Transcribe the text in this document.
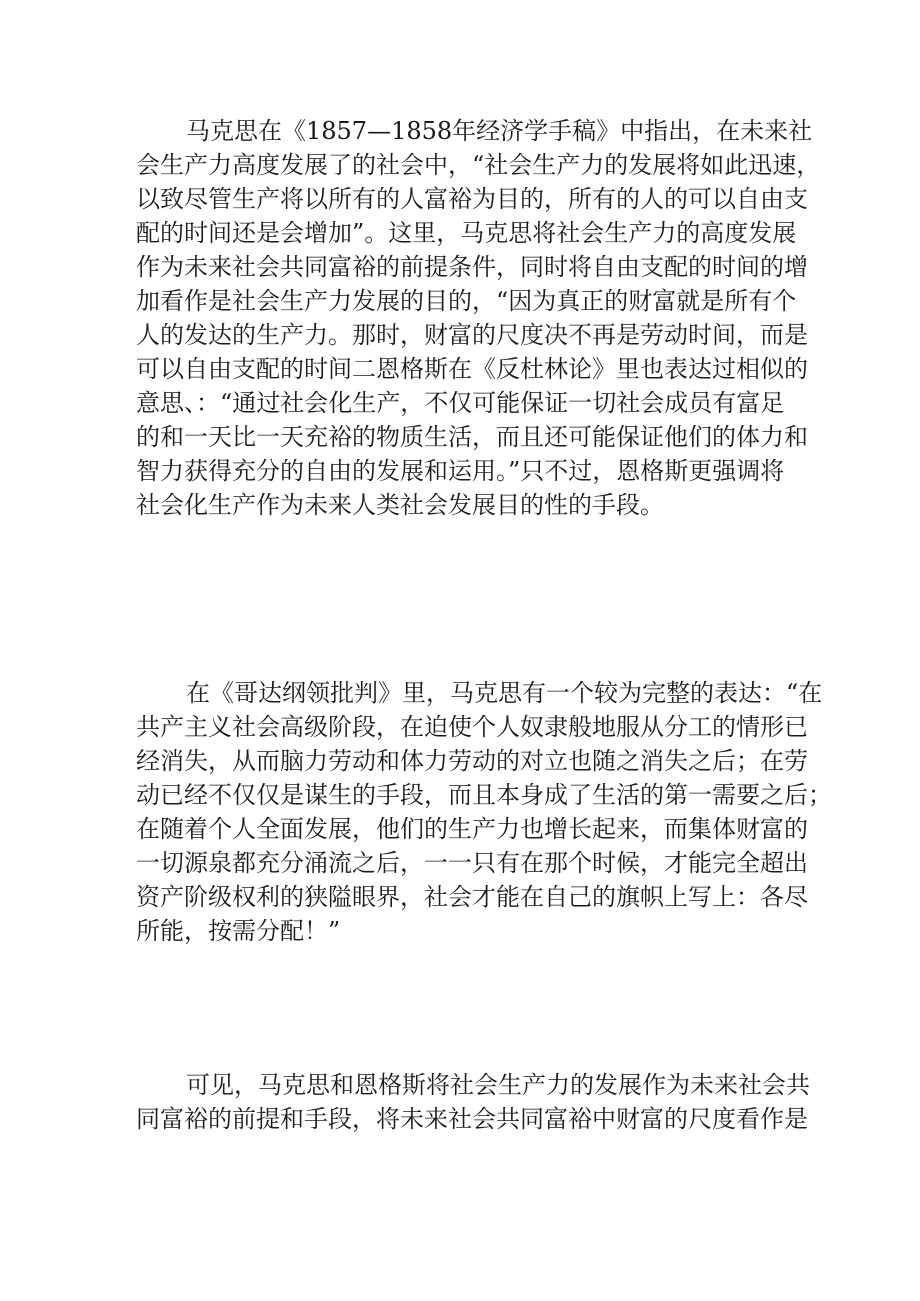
马克思在《1857—1858年经济学手稿》中指出，在未来社

会生产力高度发展了的社会中，“社会生产力的发展将如此迅速，

以致尽管生产将以所有的人富裕为目的，所有的人的可以自由支

配的时间还是会增加”。这里，马克思将社会生产力的高度发展

作为未来社会共同富裕的前提条件，同时将自由支配的时间的增

加看作是社会生产力发展的目的，“因为真正的财富就是所有个

人的发达的生产力。那时，财富的尺度决不再是劳动时间，而是

可以自由支配的时间二恩格斯在《反杜林论》里也表达过相似的

意思、：“通过社会化生产，不仅可能保证一切社会成员有富足

的和一天比一天充裕的物质生活，而且还可能保证他们的体力和

智力获得充分的自由的发展和运用。”只不过，恩格斯更强调将

社会化生产作为未来人类社会发展目的性的手段。

在《哥达纲领批判》里，马克思有一个较为完整的表达：“在

共产主义社会高级阶段，在迫使个人奴隶般地服从分工的情形已

经消失，从而脑力劳动和体力劳动的对立也随之消失之后；在劳

动已经不仅仅是谋生的手段，而且本身成了生活的第一需要之后；

在随着个人全面发展，他们的生产力也增长起来，而集体财富的

一切源泉都充分涌流之后，一一只有在那个时候，才能完全超出

资产阶级权利的狭隘眼界，社会才能在自己的旗帜上写上：各尽

所能，按需分配！”

可见，马克思和恩格斯将社会生产力的发展作为未来社会共

同富裕的前提和手段，将未来社会共同富裕中财富的尺度看作是
